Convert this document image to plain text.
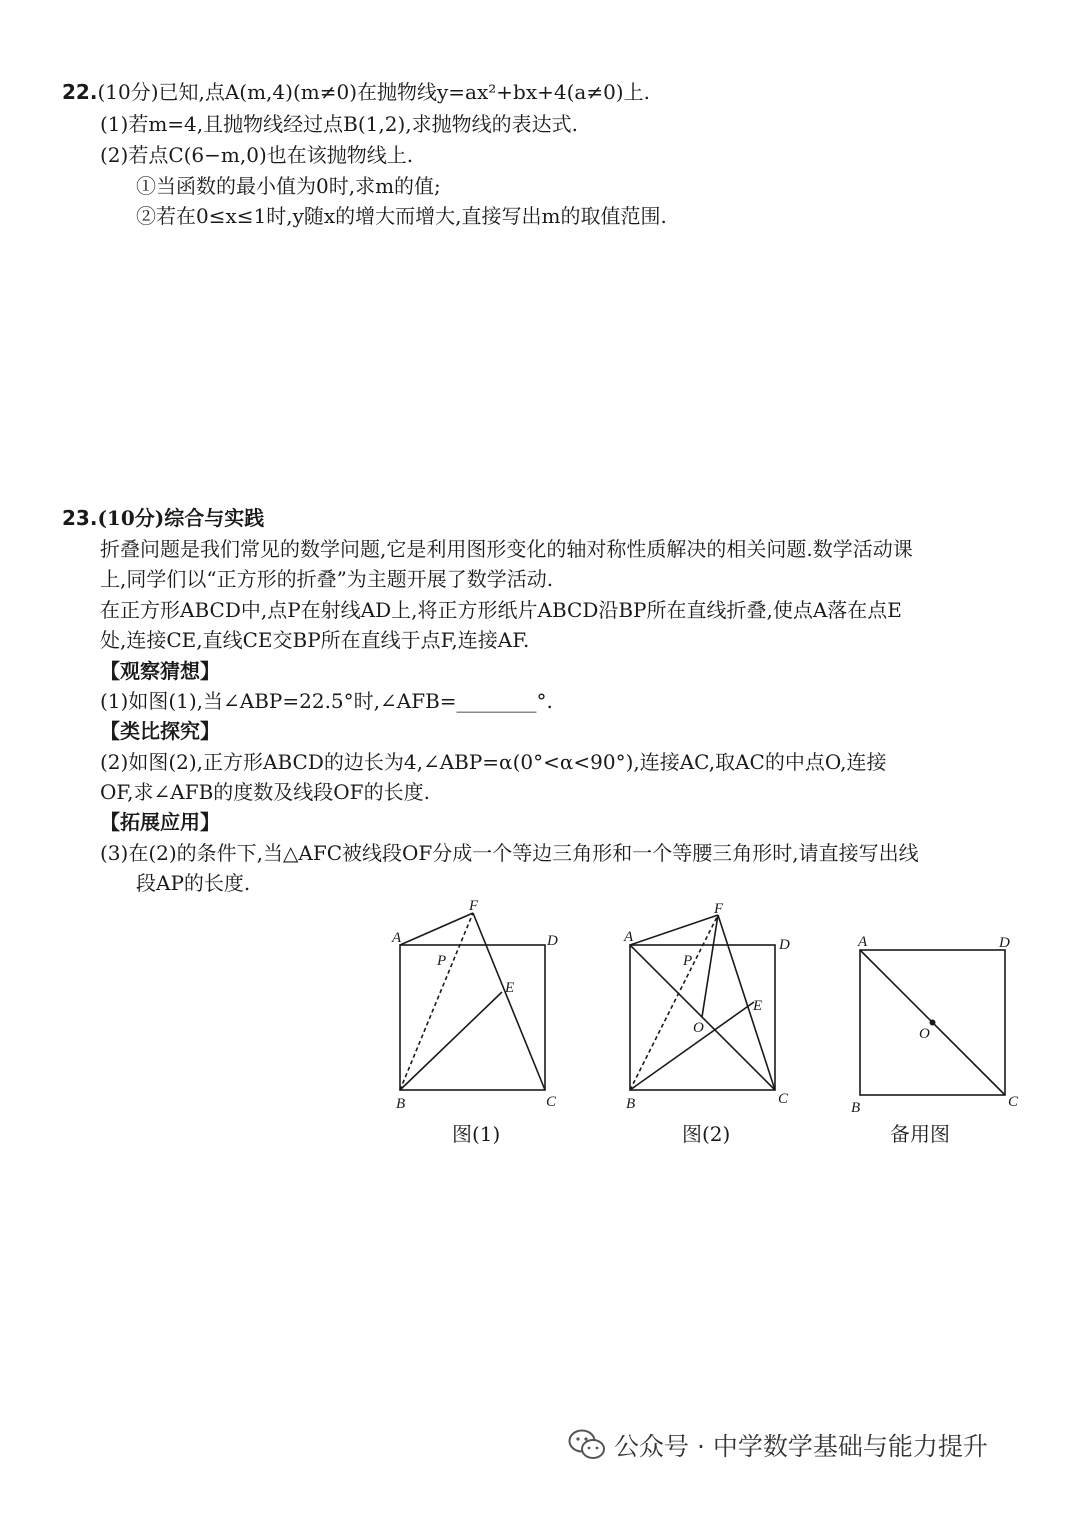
22.(10分)已知,点A(m,4)(m≠0)在抛物线y=ax²+bx+4(a≠0)上.
(1)若m=4,且抛物线经过点B(1,2),求抛物线的表达式.
(2)若点C(6−m,0)也在该抛物线上.
①当函数的最小值为0时,求m的值;
②若在0≤x≤1时,y随x的增大而增大,直接写出m的取值范围.
23.(10分)综合与实践
折叠问题是我们常见的数学问题,它是利用图形变化的轴对称性质解决的相关问题.数学活动课
上,同学们以“正方形的折叠”为主题开展了数学活动.
在正方形ABCD中,点P在射线AD上,将正方形纸片ABCD沿BP所在直线折叠,使点A落在点E
处,连接CE,直线CE交BP所在直线于点F,连接AF.
【观察猜想】
(1)如图(1),当∠ABP=22.5°时,∠AFB=________°.
【类比探究】
(2)如图(2),正方形ABCD的边长为4,∠ABP=α(0°<α<90°),连接AC,取AC的中点O,连接
OF,求∠AFB的度数及线段OF的长度.
【拓展应用】
(3)在(2)的条件下,当△AFC被线段OF分成一个等边三角形和一个等腰三角形时,请直接写出线
段AP的长度.
A	D
B	C
F
P
E
图(1)
A	D
B	C
F
P
E
O
图(2)
A	D
B	C
O
备用图
公众号 · 中学数学基础与能力提升
